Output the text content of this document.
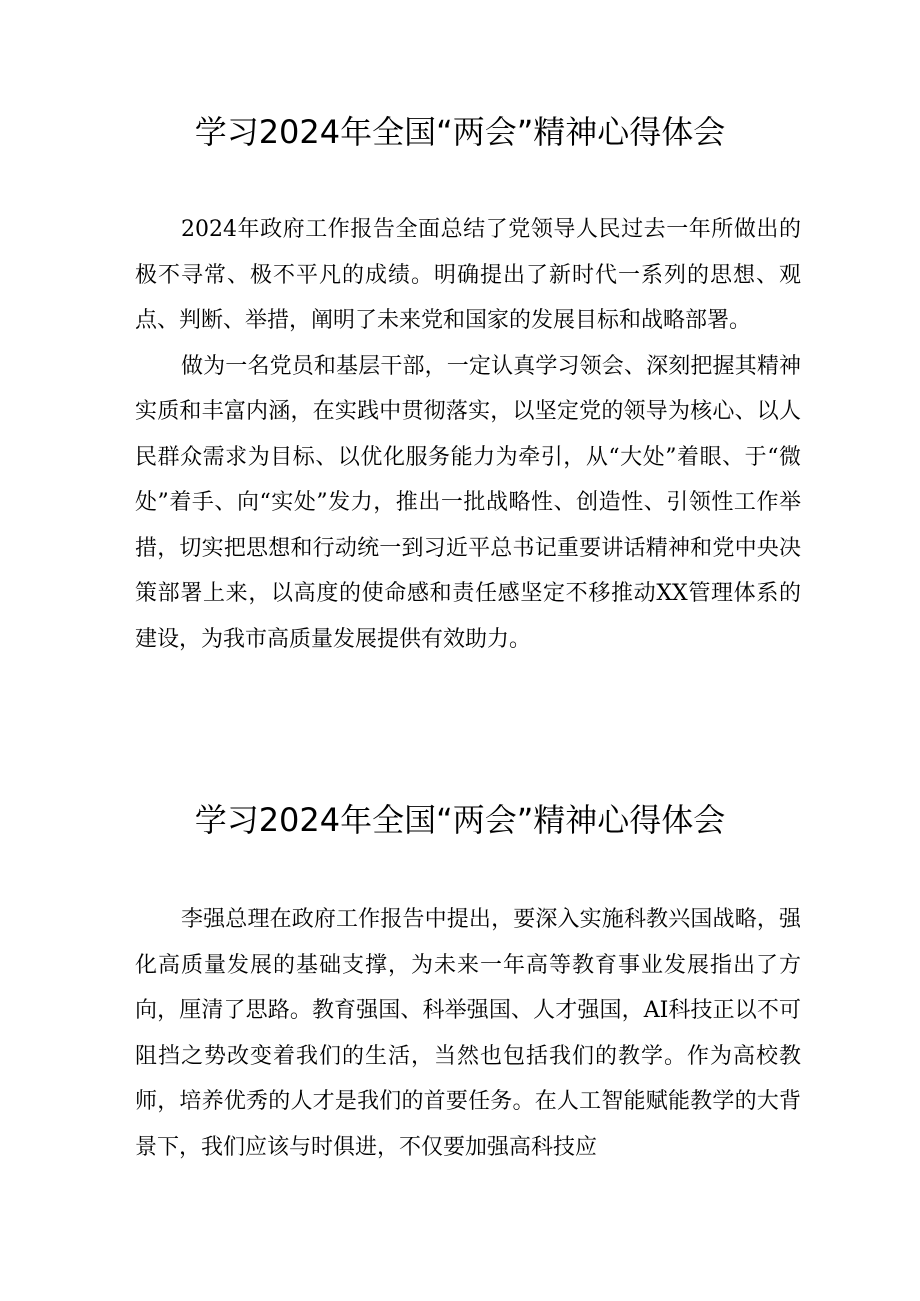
学习2024年全国“两会”精神心得体会

2024年政府工作报告全面总结了党领导人民过去一年所做出的极不寻常、极不平凡的成绩。明确提出了新时代一系列的思想、观点、判断、举措，阐明了未来党和国家的发展目标和战略部署。

做为一名党员和基层干部，一定认真学习领会、深刻把握其精神实质和丰富内涵，在实践中贯彻落实，以坚定党的领导为核心、以人民群众需求为目标、以优化服务能力为牵引，从“大处”着眼、于“微处”着手、向“实处”发力，推出一批战略性、创造性、引领性工作举措，切实把思想和行动统一到习近平总书记重要讲话精神和党中央决策部署上来，以高度的使命感和责任感坚定不移推动XX管理体系的建设，为我市高质量发展提供有效助力。

学习2024年全国“两会”精神心得体会

李强总理在政府工作报告中提出，要深入实施科教兴国战略，强化高质量发展的基础支撑，为未来一年高等教育事业发展指出了方向，厘清了思路。教育强国、科举强国、人才强国，AI科技正以不可阻挡之势改变着我们的生活，当然也包括我们的教学。作为高校教师，培养优秀的人才是我们的首要任务。在人工智能赋能教学的大背景下，我们应该与时俱进，不仅要加强高科技应
